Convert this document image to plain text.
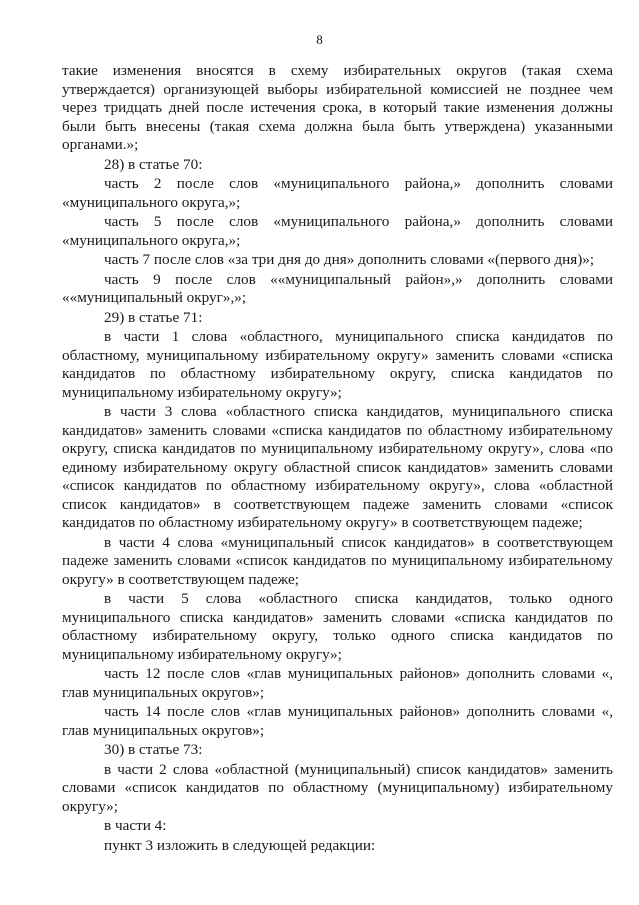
8

такие изменения вносятся в схему избирательных округов (такая схема утверждается) организующей выборы избирательной комиссией не позднее чем через тридцать дней после истечения срока, в который такие изменения должны были быть внесены (такая схема должна была быть утверждена) указанными органами.»;

28) в статье 70:

часть 2 после слов «муниципального района,» дополнить словами «муниципального округа,»;

часть 5 после слов «муниципального района,» дополнить словами «муниципального округа,»;

часть 7 после слов «за три дня до дня» дополнить словами «(первого дня)»;

часть 9 после слов ««муниципальный район»,» дополнить словами ««муниципальный округ»,»;

29) в статье 71:

в части 1 слова «областного, муниципального списка кандидатов по областному, муниципальному избирательному округу» заменить словами «списка кандидатов по областному избирательному округу, списка кандидатов по муниципальному избирательному округу»;

в части 3 слова «областного списка кандидатов, муниципального списка кандидатов» заменить словами «списка кандидатов по областному избирательному округу, списка кандидатов по муниципальному избирательному округу», слова «по единому избирательному округу областной список кандидатов» заменить словами «список кандидатов по областному избирательному округу», слова «областной список кандидатов» в соответствующем падеже заменить словами «список кандидатов по областному избирательному округу» в соответствующем падеже;

в части 4 слова «муниципальный список кандидатов» в соответствующем падеже заменить словами «список кандидатов по муниципальному избирательному округу» в соответствующем падеже;

в части 5 слова «областного списка кандидатов, только одного муниципального списка кандидатов» заменить словами «списка кандидатов по областному избирательному округу, только одного списка кандидатов по муниципальному избирательному округу»;

часть 12 после слов «глав муниципальных районов» дополнить словами «, глав муниципальных округов»;

часть 14 после слов «глав муниципальных районов» дополнить словами «, глав муниципальных округов»;

30) в статье 73:

в части 2 слова «областной (муниципальный) список кандидатов» заменить словами «список кандидатов по областному (муниципальному) избирательному округу»;

в части 4:

пункт 3 изложить в следующей редакции:
